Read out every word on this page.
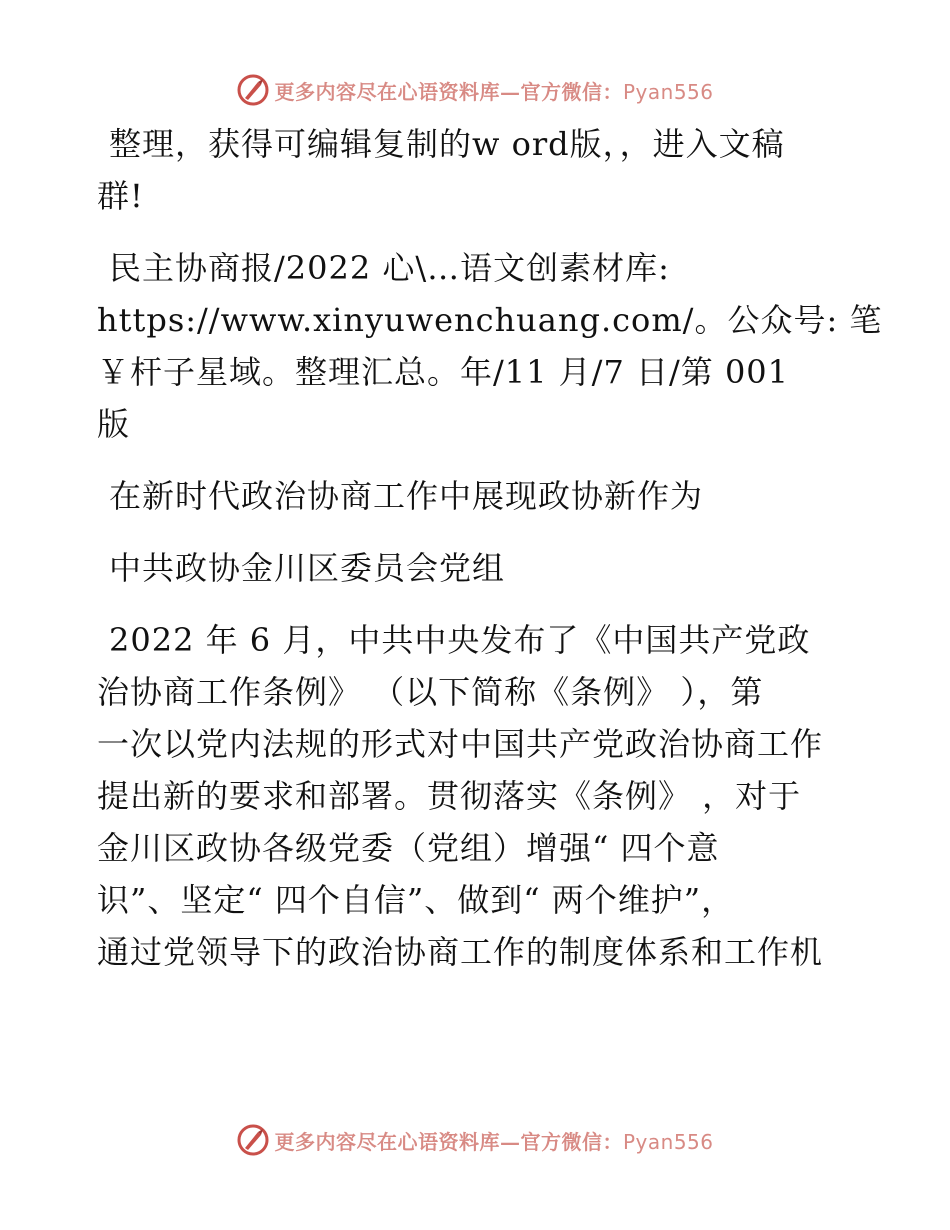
更多内容尽在心语资料库—官方微信：Pyan556
整理，获得可编辑复制的w ord版，，进入文稿
群!
民主协商报/2022 心\…语文创素材库:
https://www.xinyuwenchuang.com/。公众号: 笔
￥杆子星域。整理汇总。年/11 月/7 日/第 001
版
在新时代政治协商工作中展现政协新作为
中共政协金川区委员会党组
2022 年 6 月，中共中央发布了《中国共产党政
治协商工作条例》 （以下简称《条例》 ），第
一次以党内法规的形式对中国共产党政治协商工作
提出新的要求和部署。贯彻落实《条例》 ，对于
金川区政协各级党委（党组）增强“ 四个意
识”、坚定“ 四个自信”、做到“ 两个维护”，
通过党领导下的政治协商工作的制度体系和工作机
更多内容尽在心语资料库—官方微信：Pyan556
